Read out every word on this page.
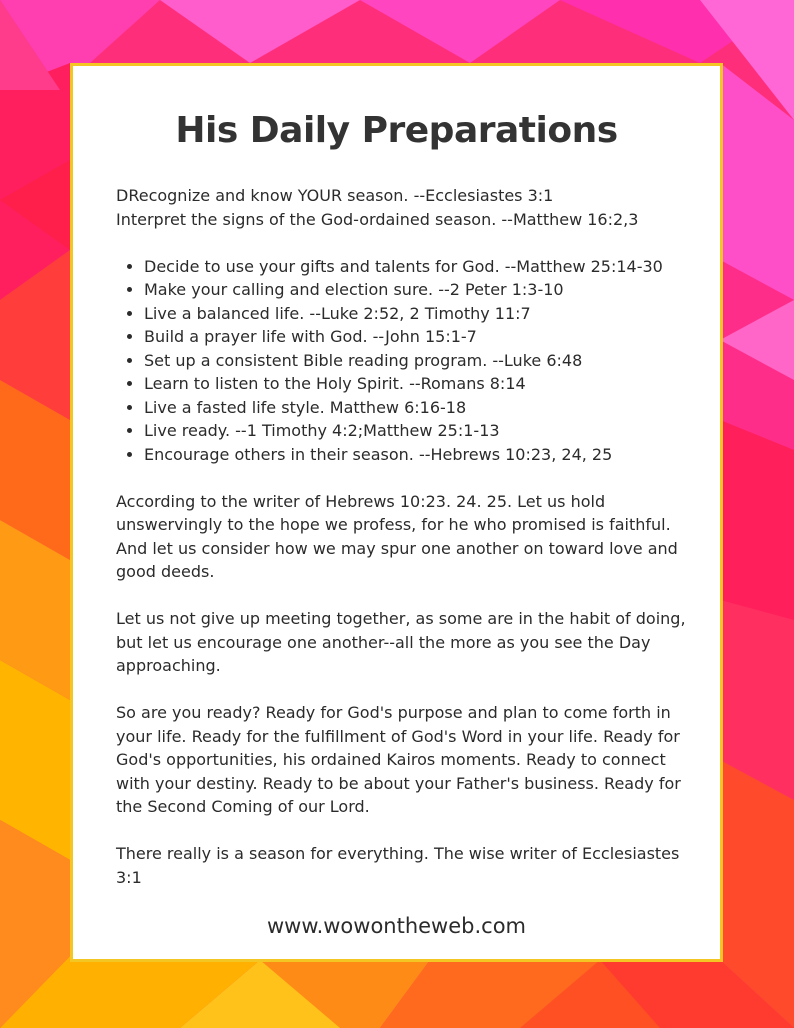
His Daily Preparations

DRecognize and know YOUR season. --Ecclesiastes 3:1
Interpret the signs of the God-ordained season. --Matthew 16:2,3

• Decide to use your gifts and talents for God. --Matthew 25:14-30
• Make your calling and election sure. --2 Peter 1:3-10
• Live a balanced life. --Luke 2:52, 2 Timothy 11:7
• Build a prayer life with God. --John 15:1-7
• Set up a consistent Bible reading program. --Luke 6:48
• Learn to listen to the Holy Spirit. --Romans 8:14
• Live a fasted life style. Matthew 6:16-18
• Live ready. --1 Timothy 4:2;Matthew 25:1-13
• Encourage others in their season. --Hebrews 10:23, 24, 25

According to the writer of Hebrews 10:23. 24. 25. Let us hold unswervingly to the hope we profess, for he who promised is faithful. And let us consider how we may spur one another on toward love and good deeds.

Let us not give up meeting together, as some are in the habit of doing, but let us encourage one another--all the more as you see the Day approaching.

So are you ready? Ready for God's purpose and plan to come forth in your life. Ready for the fulfillment of God's Word in your life. Ready for God's opportunities, his ordained Kairos moments. Ready to connect with your destiny. Ready to be about your Father's business. Ready for the Second Coming of our Lord.

There really is a season for everything. The wise writer of Ecclesiastes 3:1

www.wowontheweb.com
